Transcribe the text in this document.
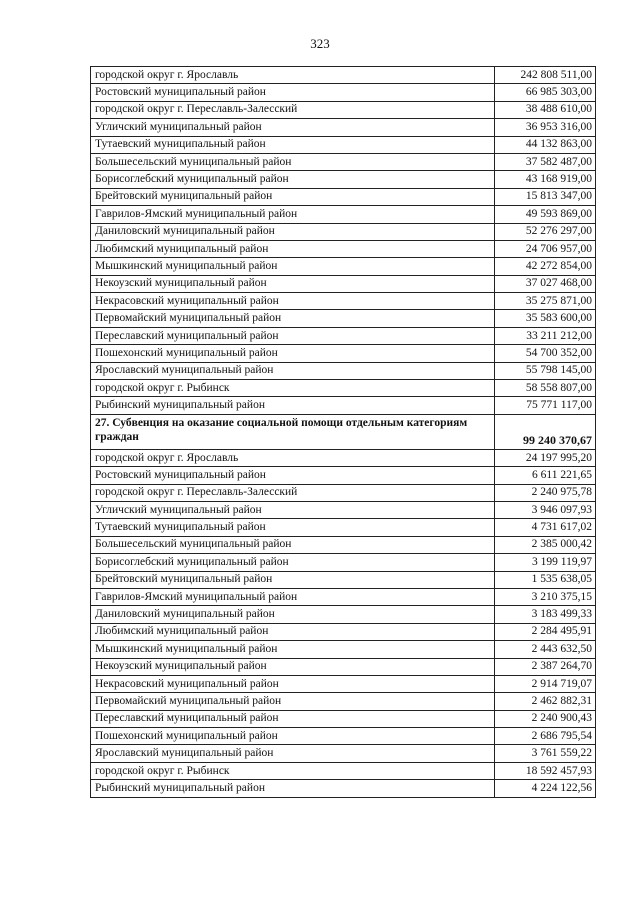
323
городской округ г. Ярославль	242 808 511,00
Ростовский муниципальный район	66 985 303,00
городской округ г. Переславль-Залесский	38 488 610,00
Угличский муниципальный район	36 953 316,00
Тутаевский муниципальный район	44 132 863,00
Большесельский муниципальный район	37 582 487,00
Борисоглебский муниципальный район	43 168 919,00
Брейтовский муниципальный район	15 813 347,00
Гаврилов-Ямский муниципальный район	49 593 869,00
Даниловский муниципальный район	52 276 297,00
Любимский муниципальный район	24 706 957,00
Мышкинский муниципальный район	42 272 854,00
Некоузский муниципальный район	37 027 468,00
Некрасовский муниципальный район	35 275 871,00
Первомайский муниципальный район	35 583 600,00
Переславский муниципальный район	33 211 212,00
Пошехонский муниципальный район	54 700 352,00
Ярославский муниципальный район	55 798 145,00
городской округ г. Рыбинск	58 558 807,00
Рыбинский муниципальный район	75 771 117,00
27. Субвенция на оказание социальной помощи отдельным категориям граждан	99 240 370,67
городской округ г. Ярославль	24 197 995,20
Ростовский муниципальный район	6 611 221,65
городской округ г. Переславль-Залесский	2 240 975,78
Угличский муниципальный район	3 946 097,93
Тутаевский муниципальный район	4 731 617,02
Большесельский муниципальный район	2 385 000,42
Борисоглебский муниципальный район	3 199 119,97
Брейтовский муниципальный район	1 535 638,05
Гаврилов-Ямский муниципальный район	3 210 375,15
Даниловский муниципальный район	3 183 499,33
Любимский муниципальный район	2 284 495,91
Мышкинский муниципальный район	2 443 632,50
Некоузский муниципальный район	2 387 264,70
Некрасовский муниципальный район	2 914 719,07
Первомайский муниципальный район	2 462 882,31
Переславский муниципальный район	2 240 900,43
Пошехонский муниципальный район	2 686 795,54
Ярославский муниципальный район	3 761 559,22
городской округ г. Рыбинск	18 592 457,93
Рыбинский муниципальный район	4 224 122,56
